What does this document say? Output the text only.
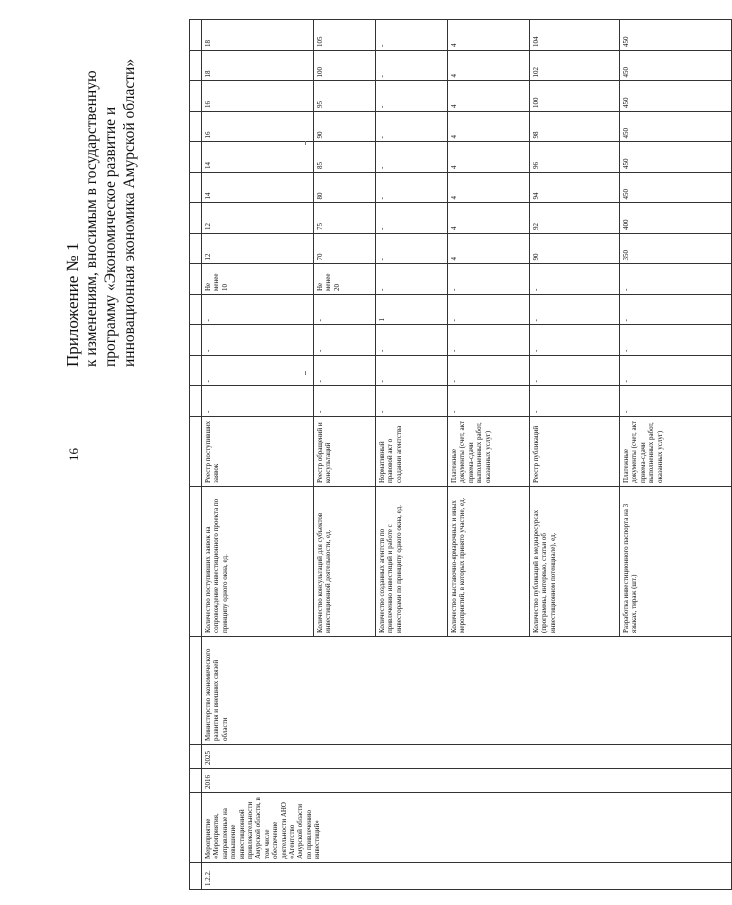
16
Приложение № 1 к изменениям, вносимым в государственную программу «Экономическое развитие и инновационная экономика Амурской области»

1.2.2.	Мероприятие «Мероприятия, направленные на повышение инвестиционной привлекательности Амурской области, в том числе обеспечение деятельности АНО «Агентство Амурской области по привлечению инвестиций»	2016	2025	Министерство экономического развития и внешних связей области	Количество поступивших заявок на сопровождение инвестиционного проекта по принципу одного окна, ед.	Реестр поступивших заявок	-	-	-	-	Не менее 10	12	12	14	14	16	16	18	18
					Количество консультаций для субъектов инвестиционной деятельности, ед.	Реестр обращений и консультаций	-	-	-	-	Не менее 20	70	75	80	85	90	95	100	105
					Количество созданных агентств по привлечению инвестиций и работе с инвесторами по принципу одного окна, ед.	Нормативный правовой акт о создании агентства	-	-	-	1	-	-	-	-	-	-	-	-	-
					Количество выставочно-ярмарочных и иных мероприятий, в которых принято участие, ед.	Платежные документы (счет, акт приема-сдачи выполненных работ, оказанных услуг)	-	-	-	-	-	4	4	4	4	4	4	4	4
					Количество публикаций в медиаресурсах (программы, интервью, статьи об инвестиционном потенциале), ед.	Реестр публикаций	-	-	-	-	-	90	92	94	96	98	100	102	104
					Разработка инвестиционного паспорта на 3 языках, тираж (шт.)	Платежные документы (счет, акт приема-сдачи выполненных работ, оказанных услуг)	-	-	-	-	-	350	400	450	450	450	450	450	450
